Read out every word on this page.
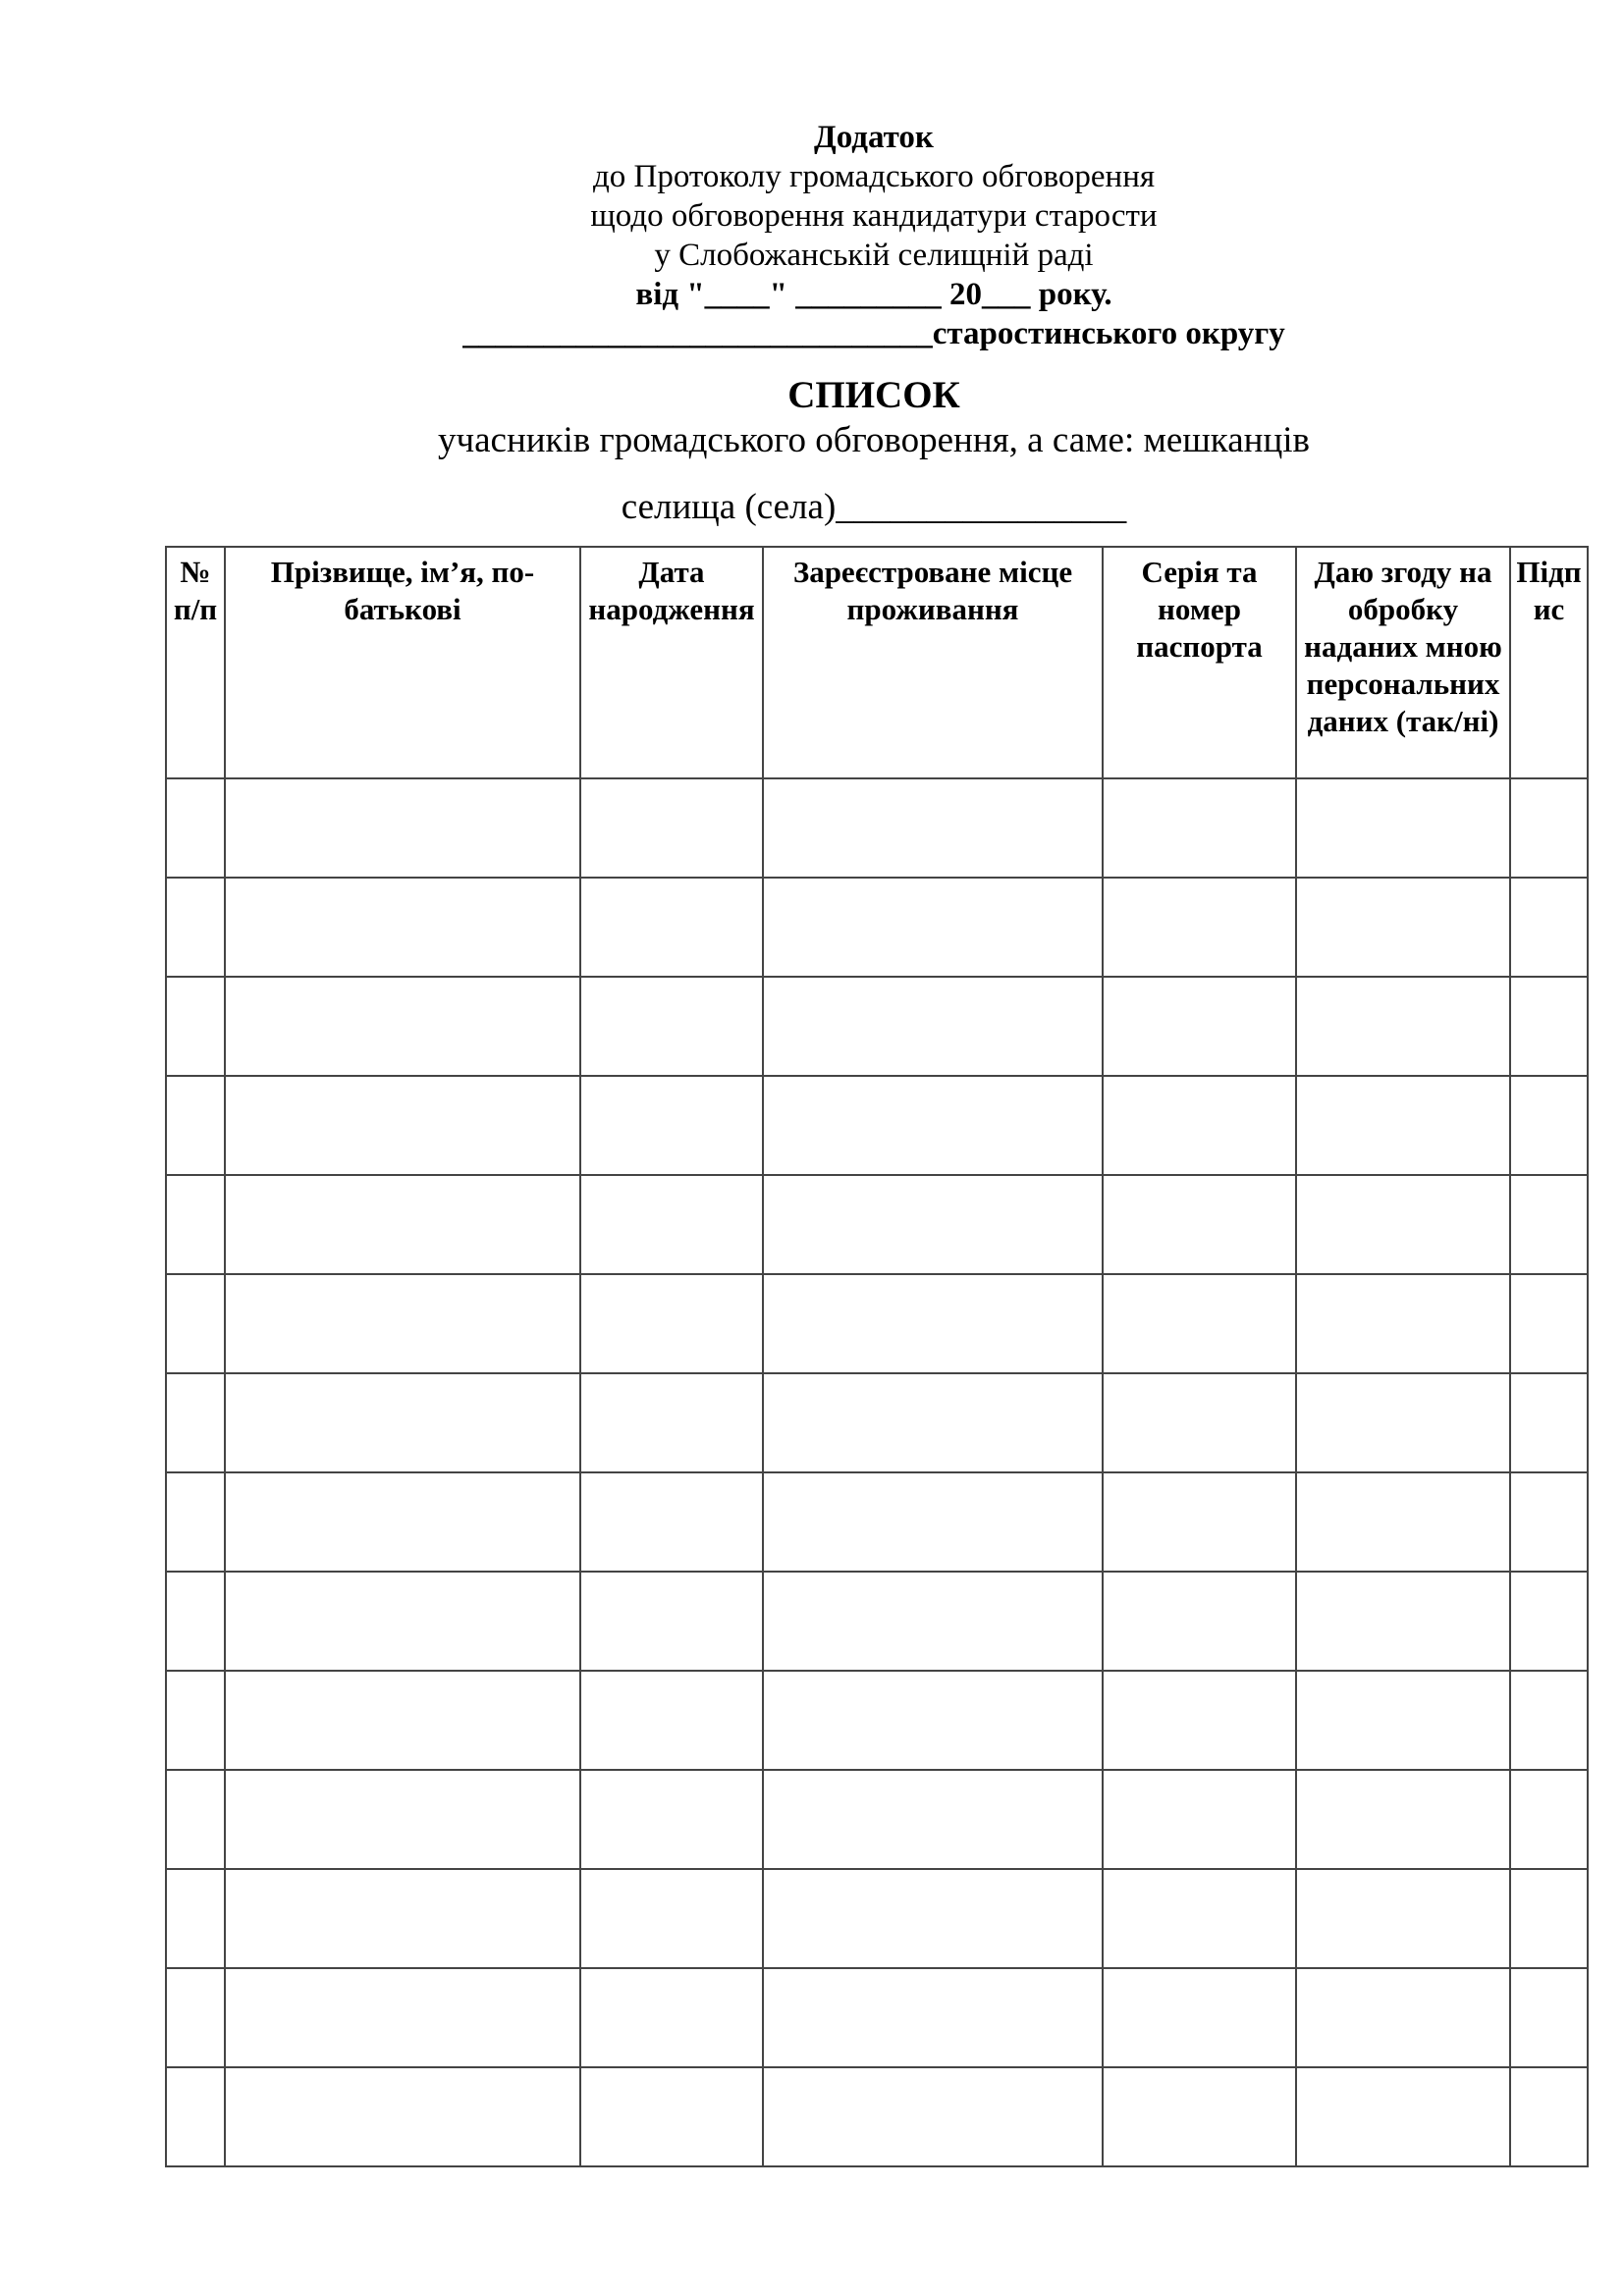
Додаток
до Протоколу громадського обговорення
щодо обговорення кандидатури старости
у Слобожанській селищній раді
від "____" _________ 20___ року.
_____________________________старостинського округу
СПИСОК
учасників громадського обговорення, а саме: мешканців
селища (села)________________
№ п/п	Прізвище, ім’я, по-батькові	Дата народження	Зареєстроване місце проживання	Серія та номер паспорта	Даю згоду на обробку наданих мною персональних даних (так/ні)	Підпис
